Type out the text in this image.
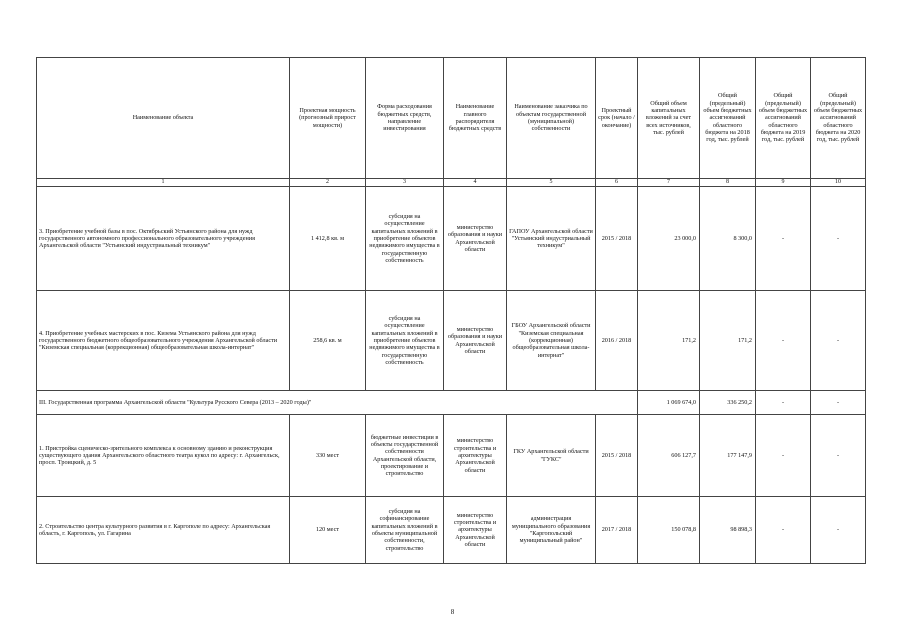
Наименование объекта	Проектная мощность (прогнозный прирост мощности)	Форма расходования бюджетных средств, направление инвестирования	Наименование главного распорядителя бюджетных средств	Наименование заказчика по объектам государственной (муниципальной) собственности	Проектный срок (начало / окончание)	Общий объем капитальных вложений за счет всех источников, тыс. рублей	Общий (предельный) объем бюджетных ассигнований областного бюджета на 2018 год, тыс. рублей	Общий (предельный) объем бюджетных ассигнований областного бюджета на 2019 год, тыс. рублей	Общий (предельный) объем бюджетных ассигнований областного бюджета на 2020 год, тыс. рублей
1	2	3	4	5	6	7	8	9	10
3. Приобретение учебной базы в пос. Октябрьский Устьянского района для нужд государственного автономного профессионального образовательного учреждения Архангельской области "Устьянский индустриальный техникум"	1 412,8 кв. м	субсидия на осуществление капитальных вложений в приобретение объектов недвижимого имущества в государственную собственность	министерство образования и науки Архангельской области	ГАПОУ Архангельской области "Устьянский индустриальный техникум"	2015 / 2018	23 000,0	8 300,0	-	-
4. Приобретение учебных мастерских в пос. Кизема Устьянского района для нужд государственного бюджетного общеобразовательного учреждения Архангельской области "Киземская специальная (коррекционная) общеобразовательная школа-интернат"	258,6 кв. м	субсидия на осуществление капитальных вложений в приобретение объектов недвижимого имущества в государственную собственность	министерство образования и науки Архангельской области	ГБОУ Архангельской области "Киземская специальная (коррекционная) общеобразовательная школа-интернат"	2016 / 2018	171,2	171,2	-	-
III. Государственная программа Архангельской области "Культура Русского Севера (2013 – 2020 годы)"						1 069 674,0	336 250,2	-	-
1. Пристройка сценическо-зрительного комплекса к основному зданию и реконструкция существующего здания Архангельского областного театра кукол по адресу: г. Архангельск, просп. Троицкий, д. 5	330 мест	бюджетные инвестиции в объекты государственной собственности Архангельской области, проектирование и строительство	министерство строительства и архитектуры Архангельской области	ГКУ Архангельской области "ГУКС"	2015 / 2018	606 127,7	177 147,9	-	-
2. Строительство центра культурного развития в г. Каргополе по адресу: Архангельская область, г. Каргополь, ул. Гагарина	120 мест	субсидия на софинансирование капитальных вложений в объекты муниципальной собственности, строительство	министерство строительства и архитектуры Архангельской области	администрация муниципального образования "Каргопольский муниципальный район"	2017 / 2018	150 078,8	98 898,3	-	-
8
